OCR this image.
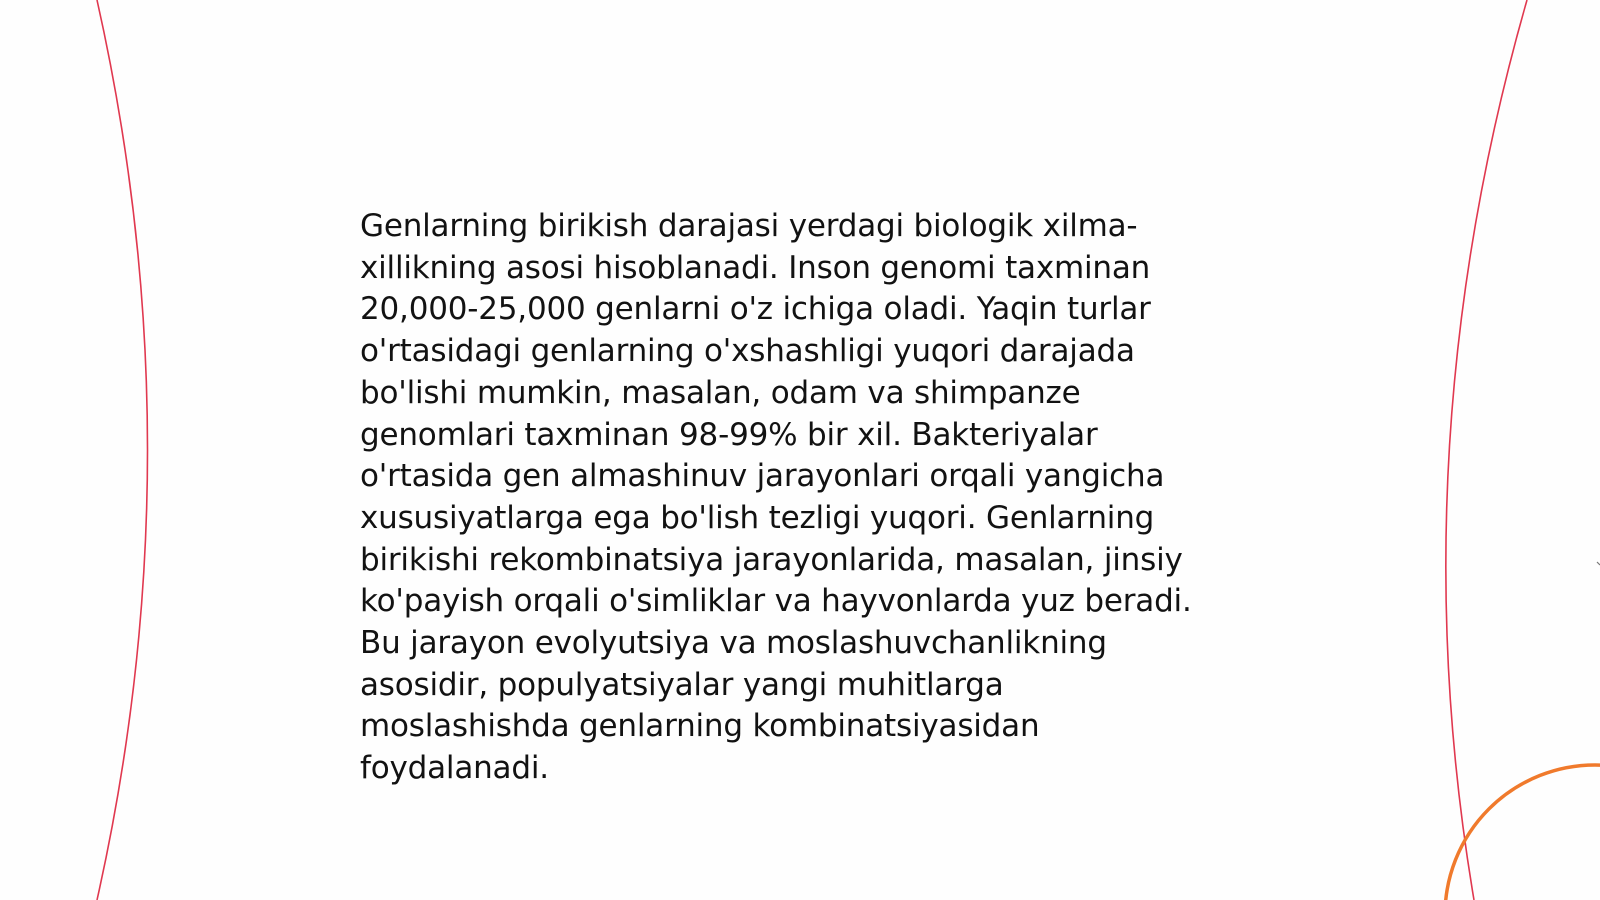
Genlarning birikish darajasi yerdagi biologik xilma-
xillikning asosi hisoblanadi. Inson genomi taxminan
20,000-25,000 genlarni o'z ichiga oladi. Yaqin turlar
o'rtasidagi genlarning o'xshashligi yuqori darajada
bo'lishi mumkin, masalan, odam va shimpanze
genomlari taxminan 98-99% bir xil. Bakteriyalar
o'rtasida gen almashinuv jarayonlari orqali yangicha
xususiyatlarga ega bo'lish tezligi yuqori. Genlarning
birikishi rekombinatsiya jarayonlarida, masalan, jinsiy
ko'payish orqali o'simliklar va hayvonlarda yuz beradi.
Bu jarayon evolyutsiya va moslashuvchanlikning
asosidir, populyatsiyalar yangi muhitlarga
moslashishda genlarning kombinatsiyasidan
foydalanadi.
